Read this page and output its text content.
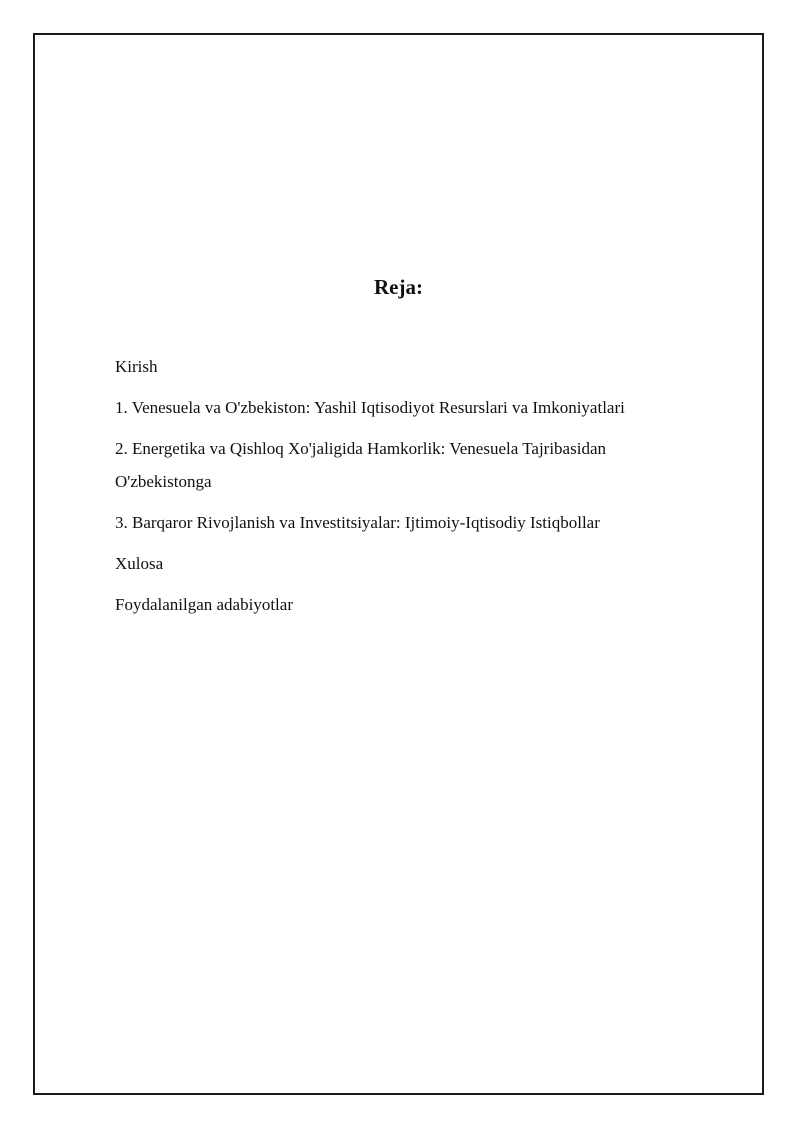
Reja:
Kirish
1. Venesuela va O'zbekiston: Yashil Iqtisodiyot Resurslari va Imkoniyatlari
2. Energetika va Qishloq Xo'jaligida Hamkorlik: Venesuela Tajribasidan O'zbekistonga
3. Barqaror Rivojlanish va Investitsiyalar: Ijtimoiy-Iqtisodiy Istiqbollar
Xulosa
Foydalanilgan adabiyotlar
